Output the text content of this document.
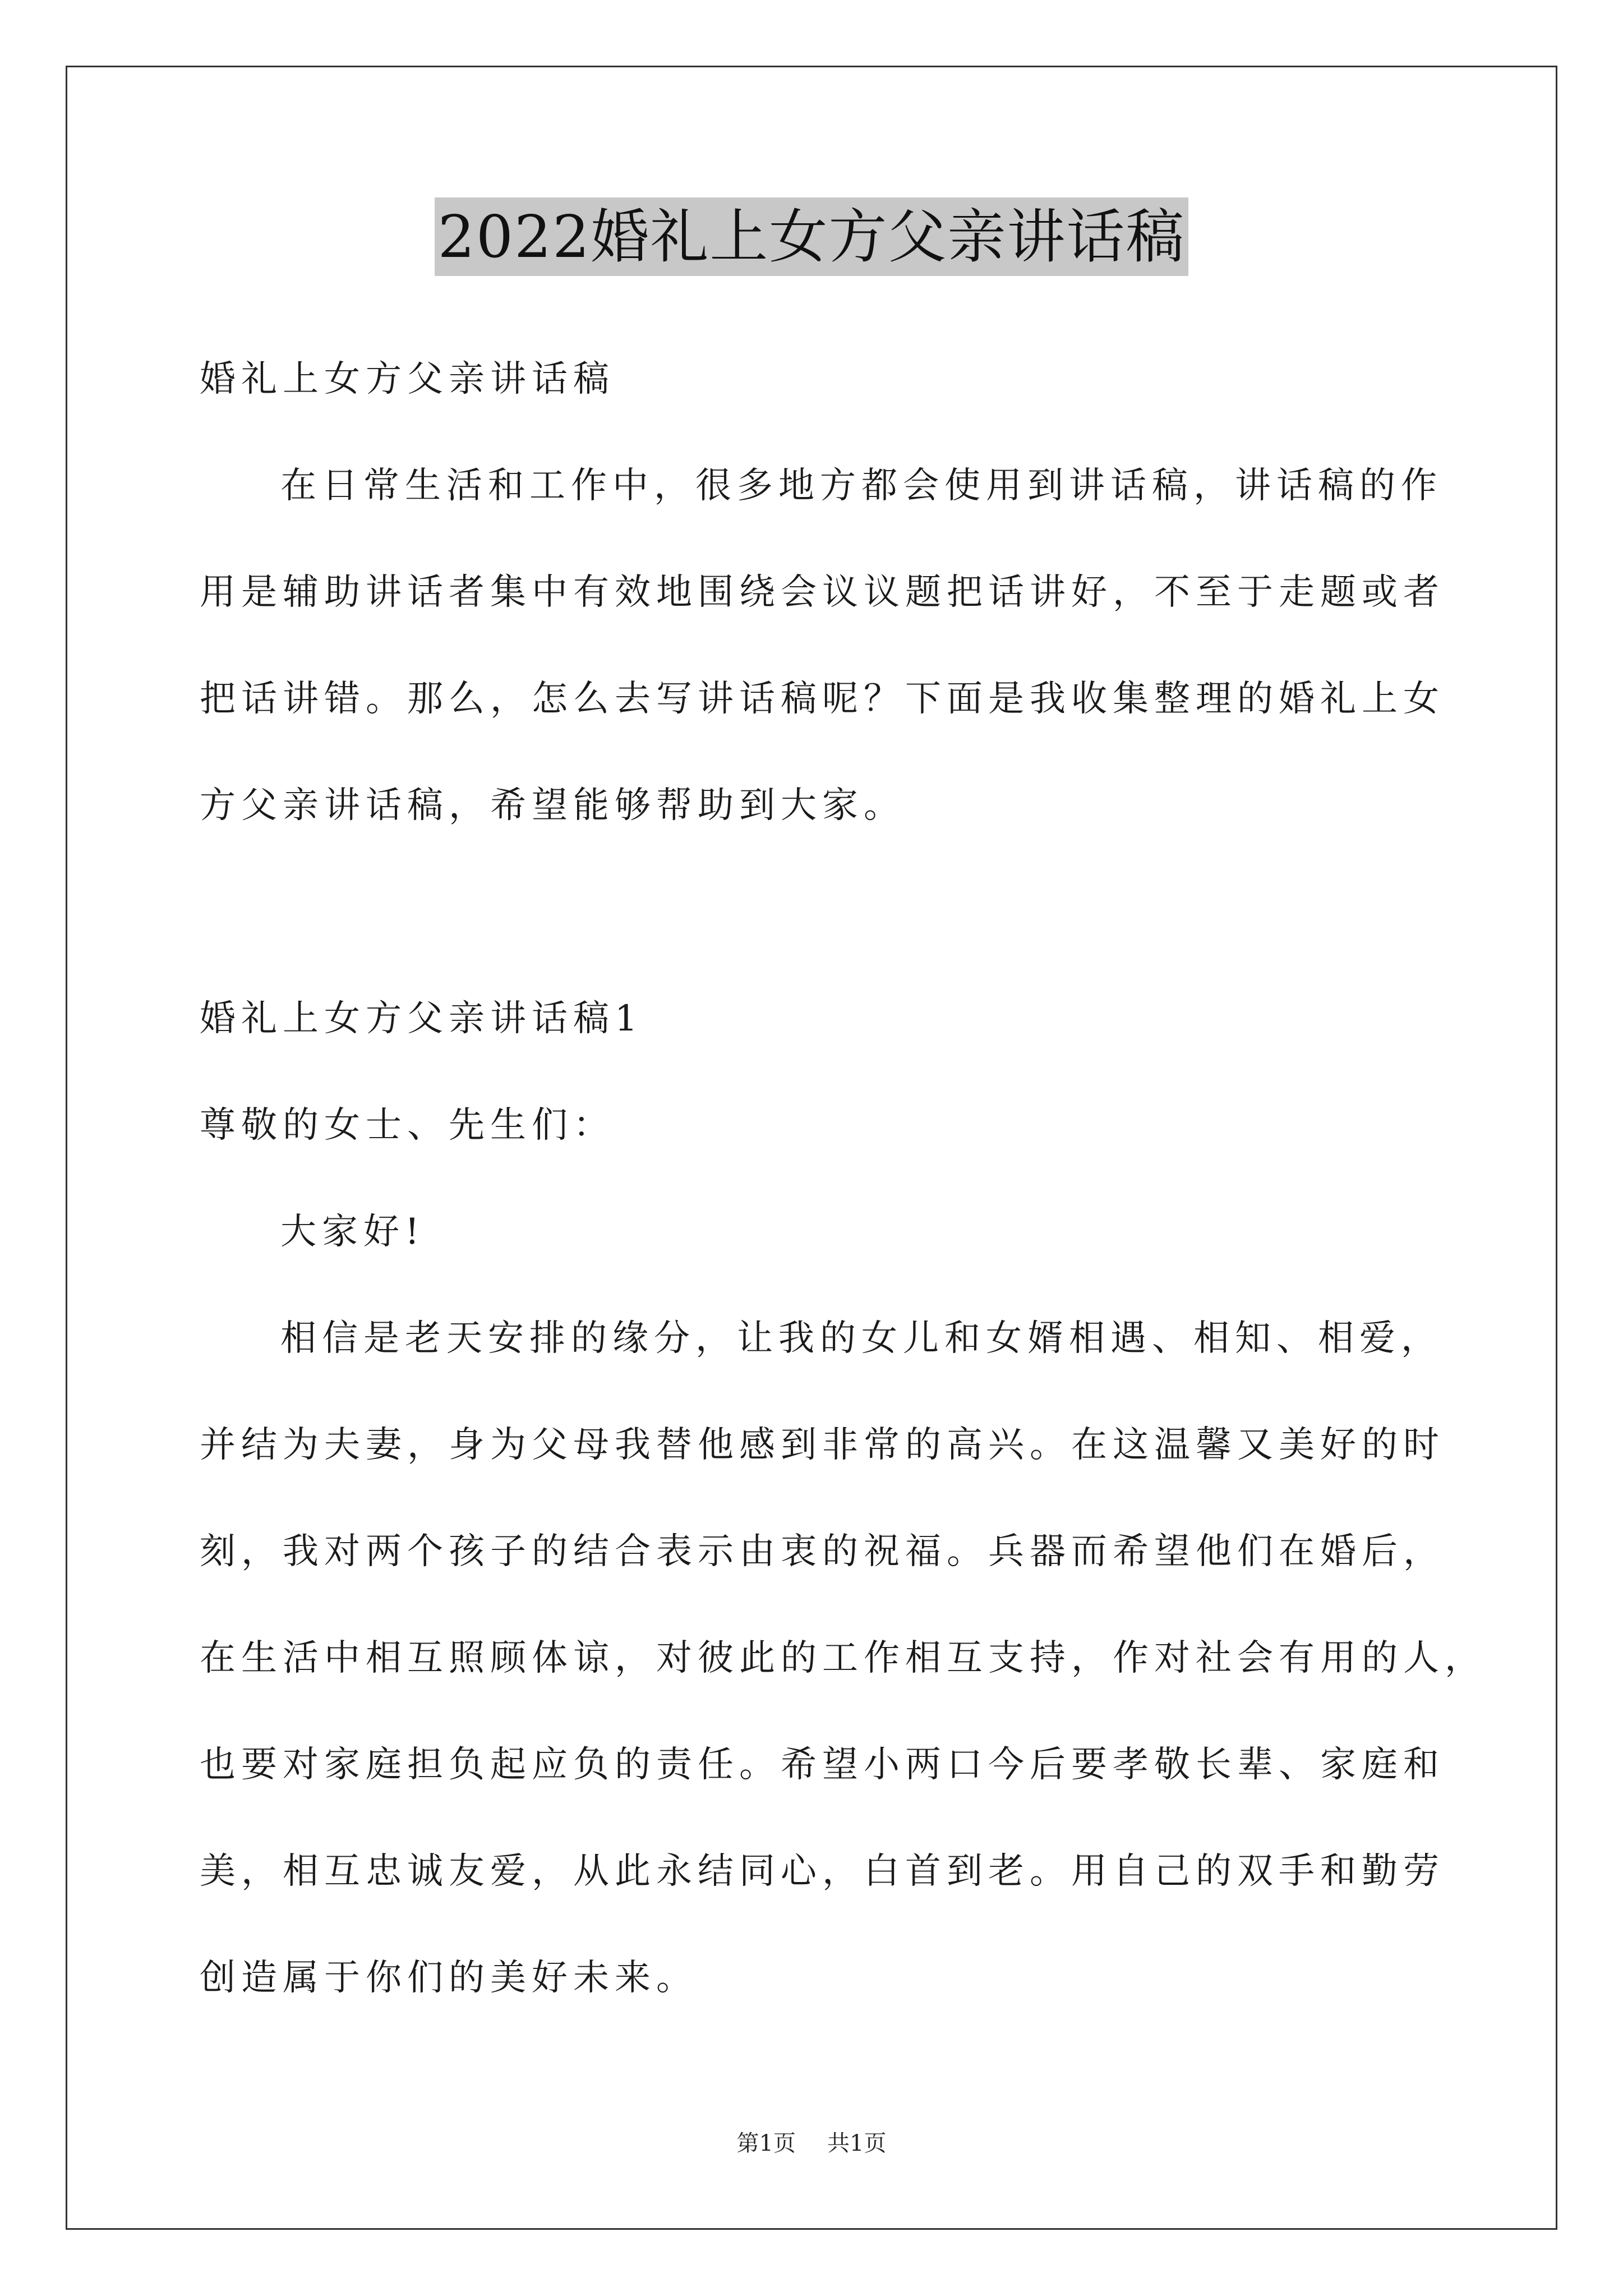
2022婚礼上女方父亲讲话稿
婚礼上女方父亲讲话稿
在日常生活和工作中，很多地方都会使用到讲话稿，讲话稿的作
用是辅助讲话者集中有效地围绕会议议题把话讲好，不至于走题或者
把话讲错。那么，怎么去写讲话稿呢？下面是我收集整理的婚礼上女
方父亲讲话稿，希望能够帮助到大家。
婚礼上女方父亲讲话稿1
尊敬的女士、先生们：
大家好!
相信是老天安排的缘分，让我的女儿和女婿相遇、相知、相爱，
并结为夫妻，身为父母我替他感到非常的高兴。在这温馨又美好的时
刻，我对两个孩子的结合表示由衷的祝福。兵器而希望他们在婚后，
在生活中相互照顾体谅，对彼此的工作相互支持，作对社会有用的人，
也要对家庭担负起应负的责任。希望小两口今后要孝敬长辈、家庭和
美，相互忠诚友爱，从此永结同心，白首到老。用自己的双手和勤劳
创造属于你们的美好未来。
第1页 共1页
